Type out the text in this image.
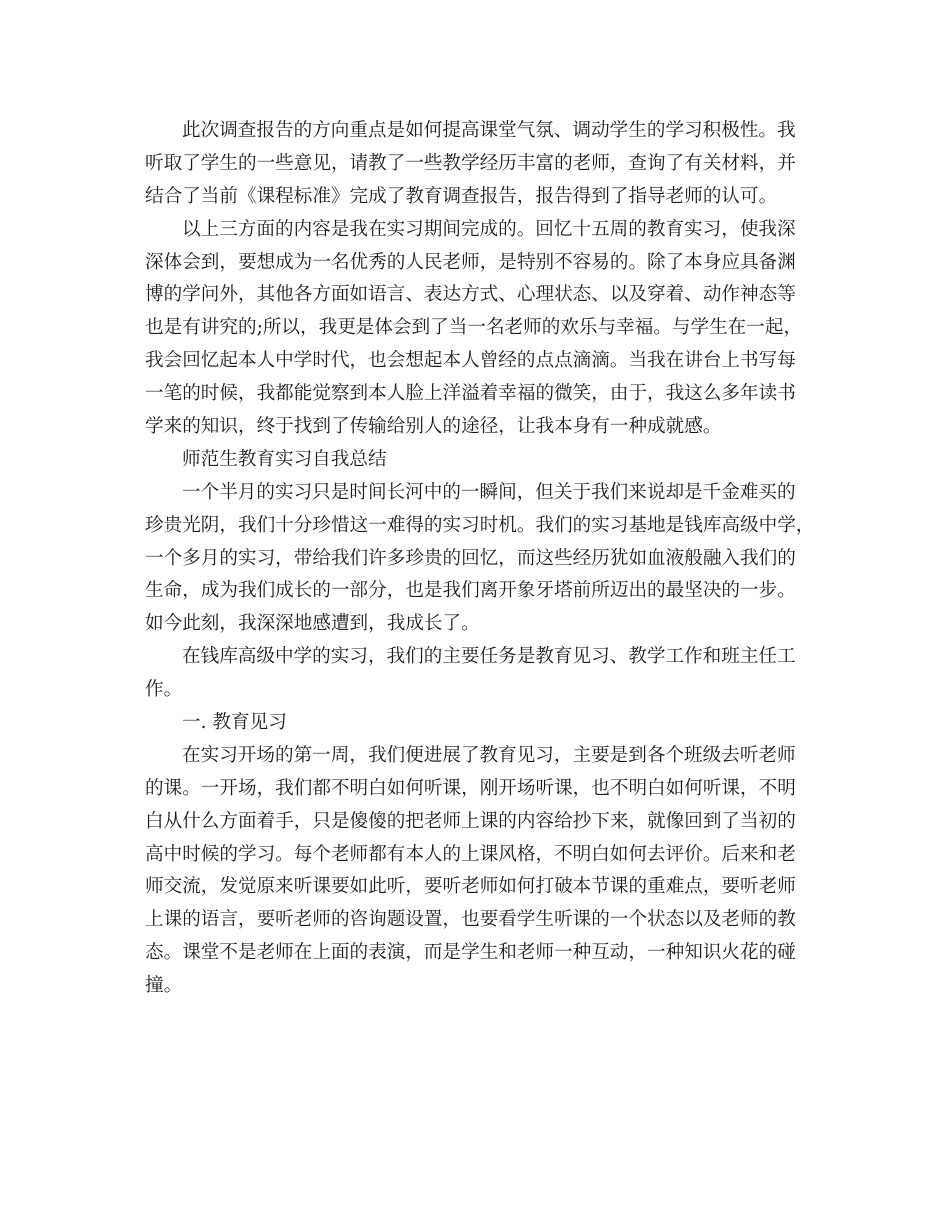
此次调查报告的方向重点是如何提高课堂气氛、调动学生的学习积极性。我
听取了学生的一些意见，请教了一些教学经历丰富的老师，查询了有关材料，并
结合了当前《课程标准》完成了教育调查报告，报告得到了指导老师的认可。
以上三方面的内容是我在实习期间完成的。回忆十五周的教育实习，使我深
深体会到，要想成为一名优秀的人民老师，是特别不容易的。除了本身应具备渊
博的学问外，其他各方面如语言、表达方式、心理状态、以及穿着、动作神态等
也是有讲究的;所以，我更是体会到了当一名老师的欢乐与幸福。与学生在一起，
我会回忆起本人中学时代，也会想起本人曾经的点点滴滴。当我在讲台上书写每
一笔的时候，我都能觉察到本人脸上洋溢着幸福的微笑，由于，我这么多年读书
学来的知识，终于找到了传输给别人的途径，让我本身有一种成就感。
师范生教育实习自我总结
一个半月的实习只是时间长河中的一瞬间，但关于我们来说却是千金难买的
珍贵光阴，我们十分珍惜这一难得的实习时机。我们的实习基地是钱库高级中学，
一个多月的实习，带给我们许多珍贵的回忆，而这些经历犹如血液般融入我们的
生命，成为我们成长的一部分，也是我们离开象牙塔前所迈出的最坚决的一步。
如今此刻，我深深地感遭到，我成长了。
在钱库高级中学的实习，我们的主要任务是教育见习、教学工作和班主任工
作。
一. 教育见习
在实习开场的第一周，我们便进展了教育见习，主要是到各个班级去听老师
的课。一开场，我们都不明白如何听课，刚开场听课，也不明白如何听课，不明
白从什么方面着手，只是傻傻的把老师上课的内容给抄下来，就像回到了当初的
高中时候的学习。每个老师都有本人的上课风格，不明白如何去评价。后来和老
师交流，发觉原来听课要如此听，要听老师如何打破本节课的重难点，要听老师
上课的语言，要听老师的咨询题设置，也要看学生听课的一个状态以及老师的教
态。课堂不是老师在上面的表演，而是学生和老师一种互动，一种知识火花的碰
撞。
